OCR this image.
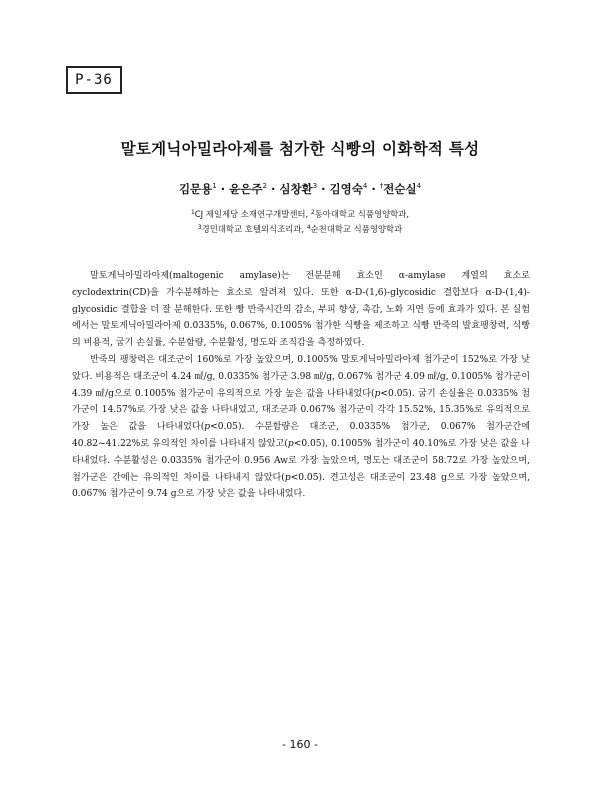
P-36
말토게닉아밀라아제를 첨가한 식빵의 이화학적 특성
김문용$^1$ · 윤은주$^2$ · 심창환$^3$ · 김영숙$^4$ · †전순실$^4$
$^1$CJ 제일제당 소재연구개발센터, $^2$동아대학교 식품영양학과,
$^3$경민대학교 호텔외식조리과, $^4$순천대학교 식품영양학과

말토게닉아밀라아제(maltogenic amylase)는 전분분해 효소인 α-amylase 계열의 효소로 cyclodextrin(CD)을 가수분해하는 효소로 알려져 있다. 또한 α-D-(1,6)-glycosidic 결합보다 α-D-(1,4)-glycosidic 결합을 더 잘 분해한다. 또한 빵 반죽시간의 감소, 부피 향상, 촉감, 노화 지연 등에 효과가 있다. 본 실험에서는 말토게닉아밀라아제 0.0335%, 0.067%, 0.1005% 첨가한 식빵을 제조하고 식빵 반죽의 발효팽창력, 식빵의 비용적, 굽기 손실률, 수분함량, 수분활성, 명도와 조직감을 측정하였다.

반죽의 팽창력은 대조군이 160%로 가장 높았으며, 0.1005% 말토게닉아밀라아제 첨가군이 152%로 가장 낮았다. 비용적은 대조군이 4.24 ㎖/g, 0.0335% 첨가군 3.98 ㎖/g, 0.067% 첨가군 4.09 ㎖/g, 0.1005% 첨가군이 4.39 ㎖/g으로 0.1005% 첨가군이 유의적으로 가장 높은 값을 나타내었다(p<0.05). 굽기 손실율은 0.0335% 첨가군이 14.57%로 가장 낮은 값을 나타내었고, 대조군과 0.067% 첨가군이 각각 15.52%, 15.35%로 유의적으로 가장 높은 값을 나타내었다(p<0.05). 수분함량은 대조군, 0.0335% 첨가군, 0.067% 첨가군간에 40.82~41.22%로 유의적인 차이를 나타내지 않았고(p<0.05), 0.1005% 첨가군이 40.10%로 가장 낮은 값을 나타내었다. 수분활성은 0.0335% 첨가군이 0.956 Aw로 가장 높았으며, 명도는 대조군이 58.72로 가장 높았으며, 첨가군은 간에는 유의적인 차이를 나타내지 않았다(p<0.05). 견고성은 대조군이 23.48 g으로 가장 높았으며, 0.067% 첨가군이 9.74 g으로 가장 낮은 값을 나타내었다.

- 160 -
